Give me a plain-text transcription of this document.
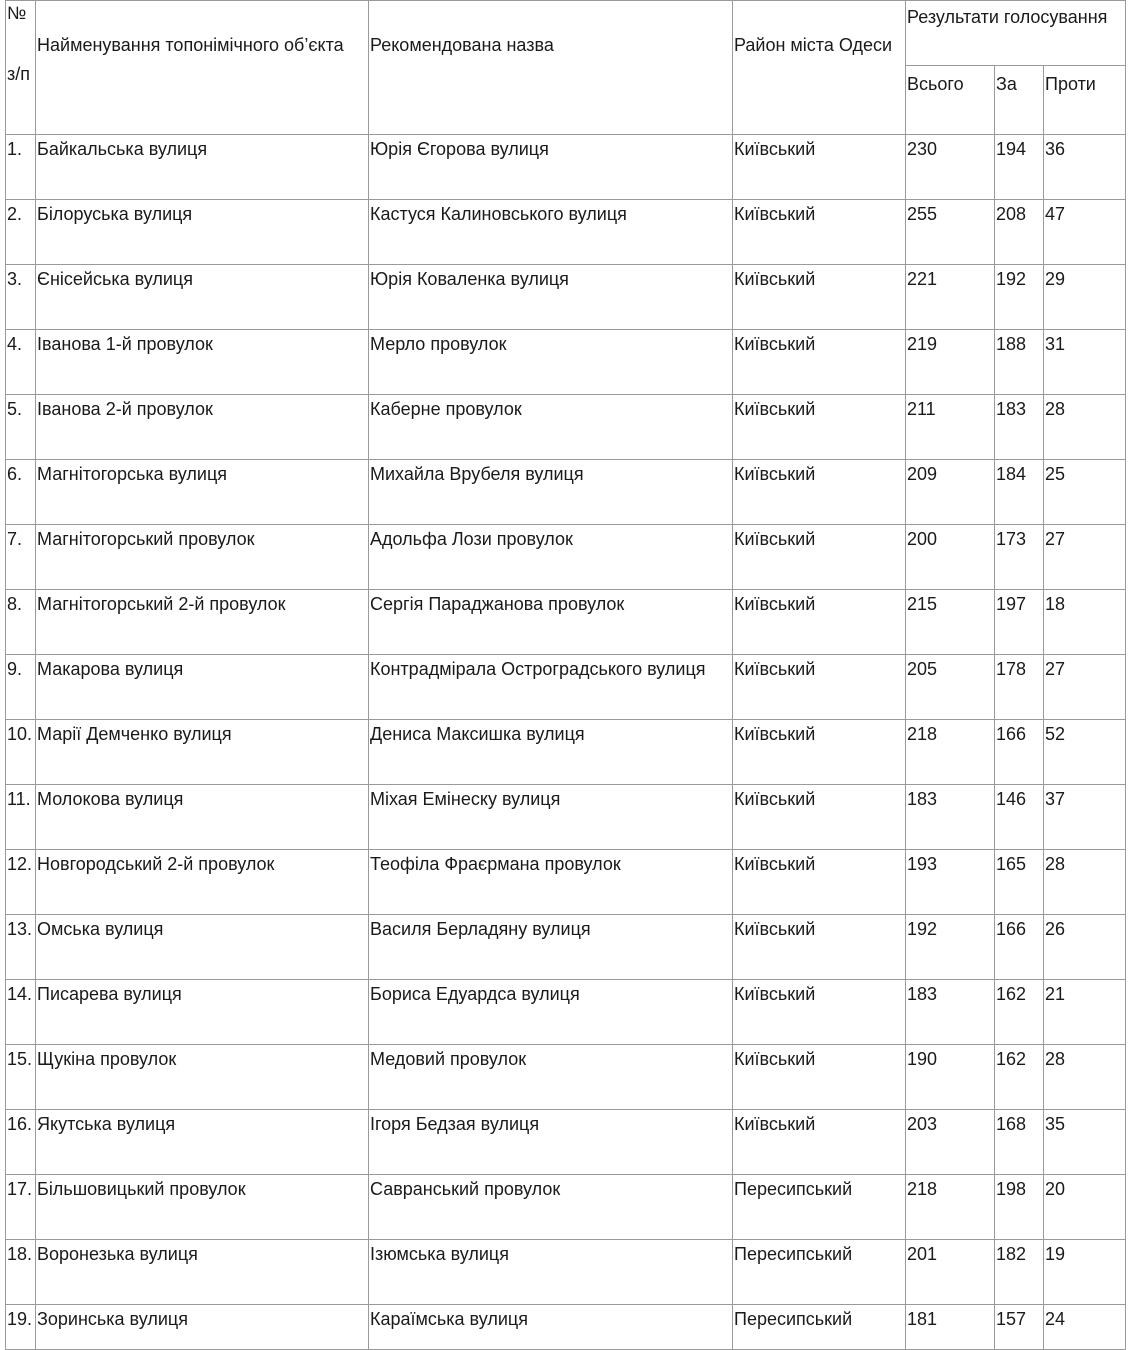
№
з/п	Найменування топонімічного об’єкта	Рекомендована назва	Район міста Одеси	Результати голосування		
				Всього	За	Проти
1.	Байкальська вулиця	Юрія Єгорова вулиця	Київський	230	194	36
2.	Білоруська вулиця	Кастуся Калиновського вулиця	Київський	255	208	47
3.	Єнісейська вулиця	Юрія Коваленка вулиця	Київський	221	192	29
4.	Іванова 1-й провулок	Мерло провулок	Київський	219	188	31
5.	Іванова 2-й провулок	Каберне провулок	Київський	211	183	28
6.	Магнітогорська вулиця	Михайла Врубеля вулиця	Київський	209	184	25
7.	Магнітогорський провулок	Адольфа Лози провулок	Київський	200	173	27
8.	Магнітогорський 2-й провулок	Сергія Параджанова провулок	Київський	215	197	18
9.	Макарова вулиця	Контрадмірала Остроградського вулиця	Київський	205	178	27
10.	Марії Демченко вулиця	Дениса Максишка вулиця	Київський	218	166	52
11.	Молокова вулиця	Міхая Емінеску вулиця	Київський	183	146	37
12.	Новгородський 2-й провулок	Теофіла Фраєрмана провулок	Київський	193	165	28
13.	Омська вулиця	Василя Берладяну вулиця	Київський	192	166	26
14.	Писарева вулиця	Бориса Едуардса вулиця	Київський	183	162	21
15.	Щукіна провулок	Медовий провулок	Київський	190	162	28
16.	Якутська вулиця	Ігоря Бедзая вулиця	Київський	203	168	35
17.	Більшовицький провулок	Савранський провулок	Пересипський	218	198	20
18.	Воронезька вулиця	Ізюмська вулиця	Пересипський	201	182	19
19.	Зоринська вулиця	Караїмська вулиця	Пересипський	181	157	24
